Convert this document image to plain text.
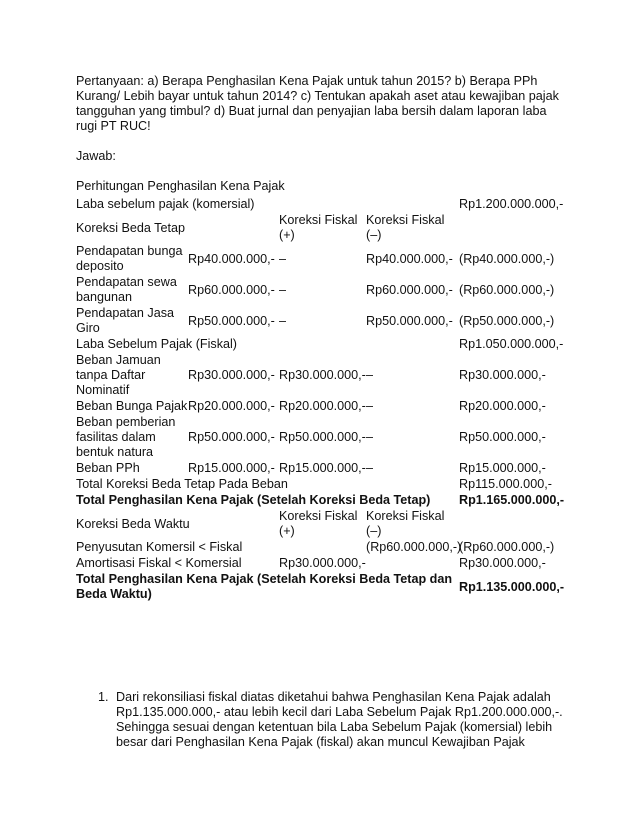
Pertanyaan: a) Berapa Penghasilan Kena Pajak untuk tahun 2015? b) Berapa PPh Kurang/ Lebih bayar untuk tahun 2014? c) Tentukan apakah aset atau kewajiban pajak tangguhan yang timbul? d) Buat jurnal dan penyajian laba bersih dalam laporan laba rugi PT RUC!

Jawab:

Perhitungan Penghasilan Kena Pajak

Laba sebelum pajak (komersial)				Rp1.200.000.000,-
Koreksi Beda Tetap		Koreksi Fiskal (+)	Koreksi Fiskal (–)	
Pendapatan bunga deposito	Rp40.000.000,-	–	Rp40.000.000,-	(Rp40.000.000,-)
Pendapatan sewa bangunan	Rp60.000.000,-	–	Rp60.000.000,-	(Rp60.000.000,-)
Pendapatan Jasa Giro	Rp50.000.000,-	–	Rp50.000.000,-	(Rp50.000.000,-)
Laba Sebelum Pajak (Fiskal)				Rp1.050.000.000,-
Beban Jamuan tanpa Daftar Nominatif	Rp30.000.000,-	Rp30.000.000,-	–	Rp30.000.000,-
Beban Bunga Pajak	Rp20.000.000,-	Rp20.000.000,-	–	Rp20.000.000,-
Beban pemberian fasilitas dalam bentuk natura	Rp50.000.000,-	Rp50.000.000,-	–	Rp50.000.000,-
Beban PPh	Rp15.000.000,-	Rp15.000.000,-	–	Rp15.000.000,-
Total Koreksi Beda Tetap Pada Beban				Rp115.000.000,-
Total Penghasilan Kena Pajak (Setelah Koreksi Beda Tetap)				Rp1.165.000.000,-
Koreksi Beda Waktu		Koreksi Fiskal (+)	Koreksi Fiskal (–)	
Penyusutan Komersil < Fiskal			(Rp60.000.000,-)	(Rp60.000.000,-)
Amortisasi Fiskal < Komersial		Rp30.000.000,-		Rp30.000.000,-
Total Penghasilan Kena Pajak (Setelah Koreksi Beda Tetap dan Beda Waktu)				Rp1.135.000.000,-
1. Dari rekonsiliasi fiskal diatas diketahui bahwa Penghasilan Kena Pajak adalah Rp1.135.000.000,- atau lebih kecil dari Laba Sebelum Pajak Rp1.200.000.000,-. Sehingga sesuai dengan ketentuan bila Laba Sebelum Pajak (komersial) lebih besar dari Penghasilan Kena Pajak (fiskal) akan muncul Kewajiban Pajak
